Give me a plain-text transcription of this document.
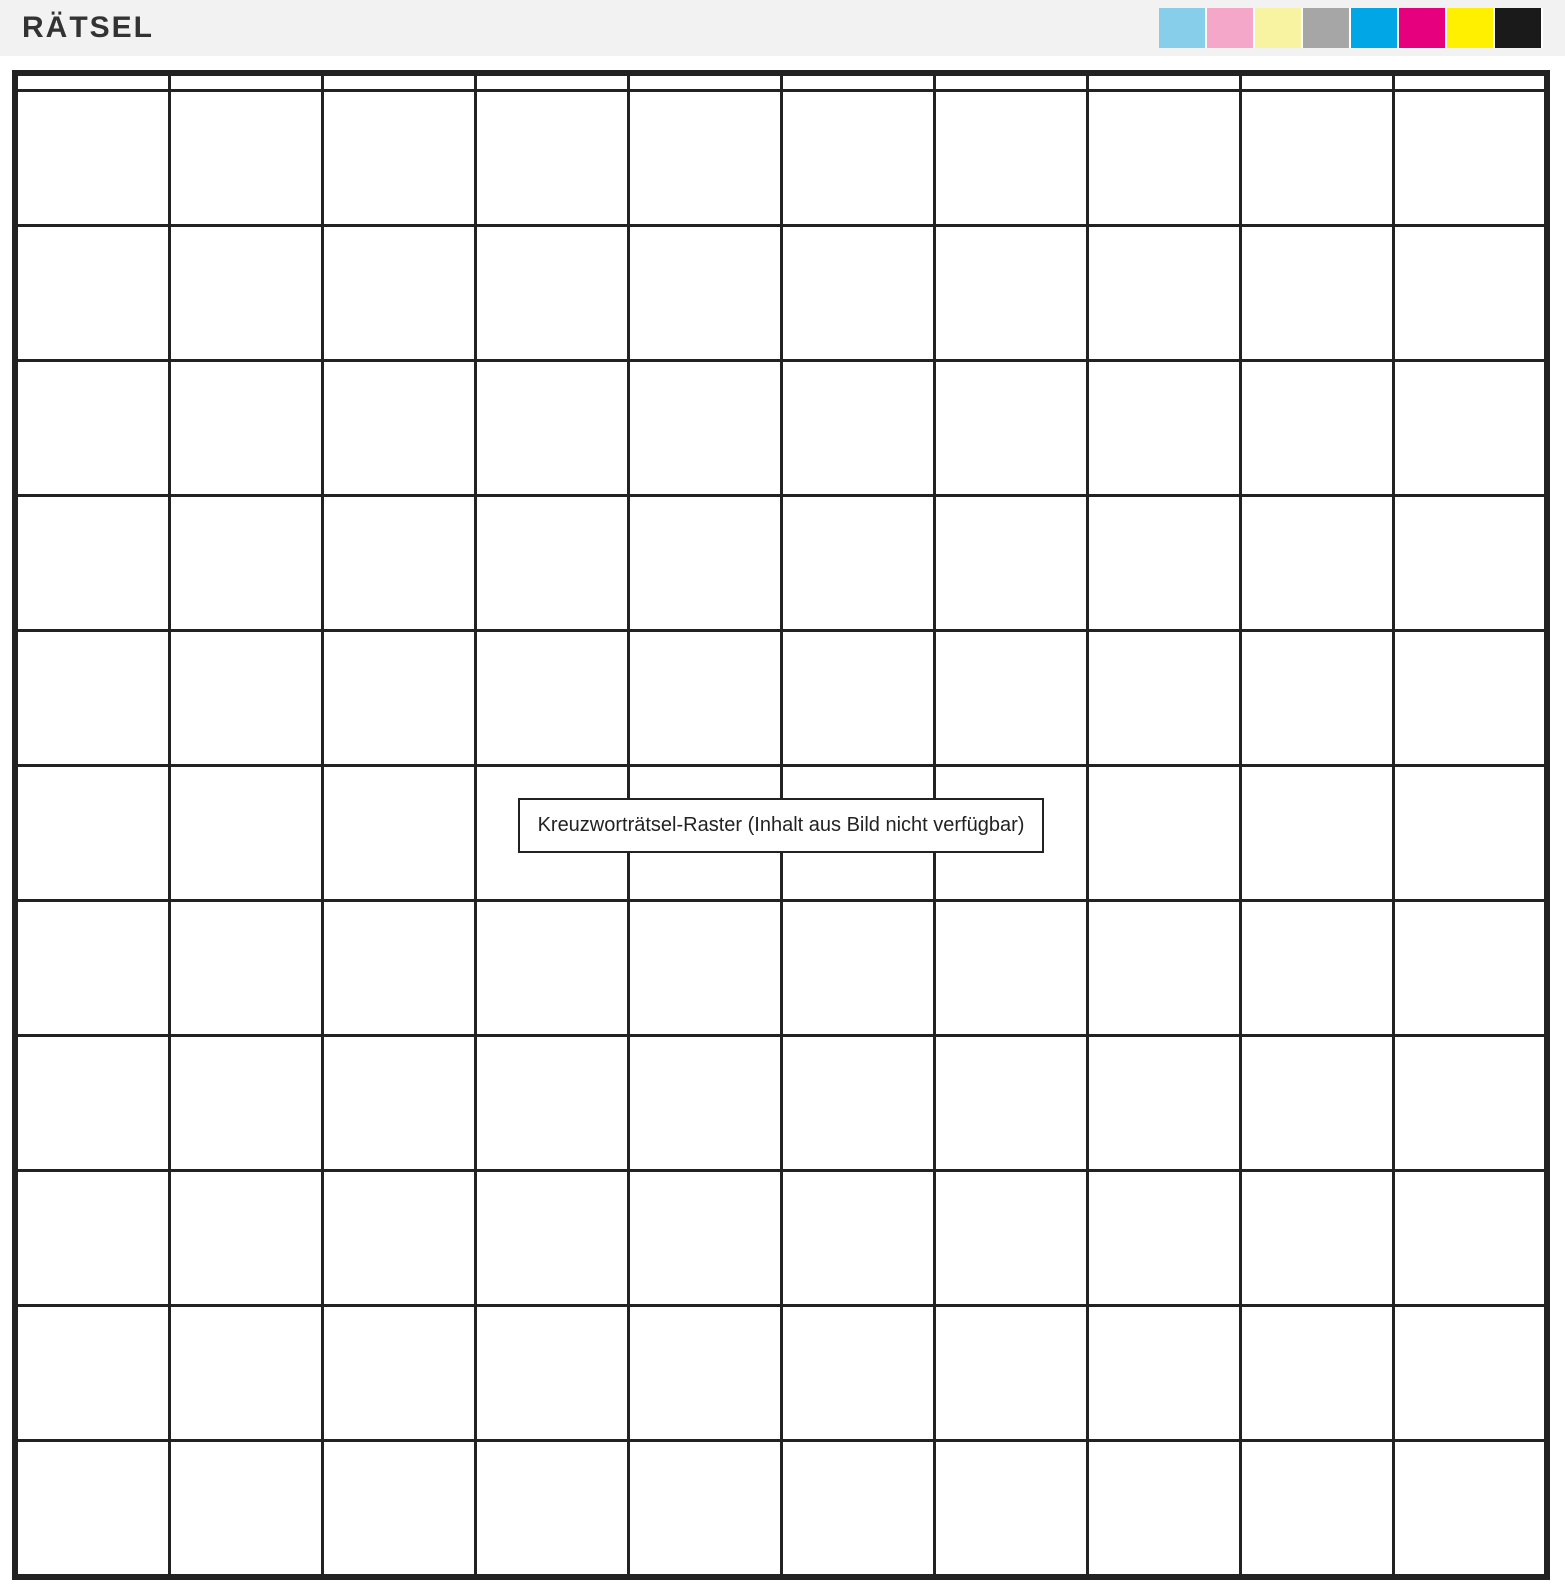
RÄTSEL
Kreuzworträtsel-Raster (Inhalt aus Bild nicht verfügbar)
